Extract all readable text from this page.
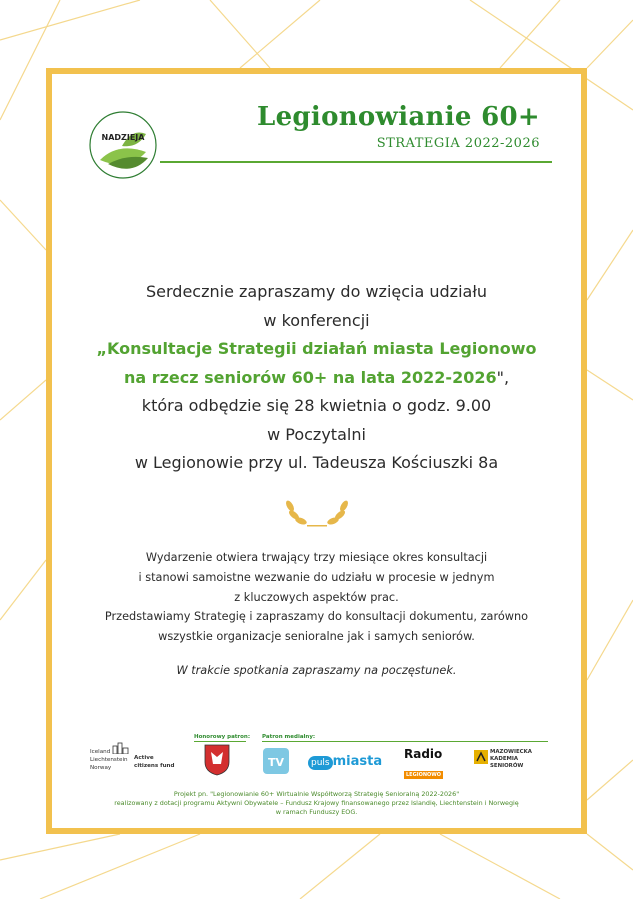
NADZIEJA
Legionowianie 60+
STRATEGIA 2022-2026
Serdecznie zapraszamy do wzięcia udziału
w konferencji
„Konsultacje Strategii działań miasta Legionowo
na rzecz seniorów 60+ na lata 2022-2026",
która odbędzie się 28 kwietnia o godz. 9.00
w Poczytalni
w Legionowie przy ul. Tadeusza Kościuszki 8a
Wydarzenie otwiera trwający trzy miesiące okres konsultacji
i stanowi samoistne wezwanie do udziału w procesie w jednym
z kluczowych aspektów prac.
Przedstawiamy Strategię i zapraszamy do konsultacji dokumentu, zarówno
wszystkie organizacje senioralne jak i samych seniorów.
W trakcie spotkania zapraszamy na poczęstunek.
Honorowy patron: Patron medialny:
Iceland
Liechtenstein
Norway
Active
citizens fund	TV	puls miasta	Radio
LEGIONOWO
MAZOWIECKA
KADEMIA
SENIORÓW
Projekt pn. "Legionowianie 60+ Wirtualnie Współtworzą Strategię Senioralną 2022-2026"
realizowany z dotacji programu Aktywni Obywatele – Fundusz Krajowy finansowanego przez Islandię, Liechtenstein i Norwegię
w ramach Funduszy EOG.
